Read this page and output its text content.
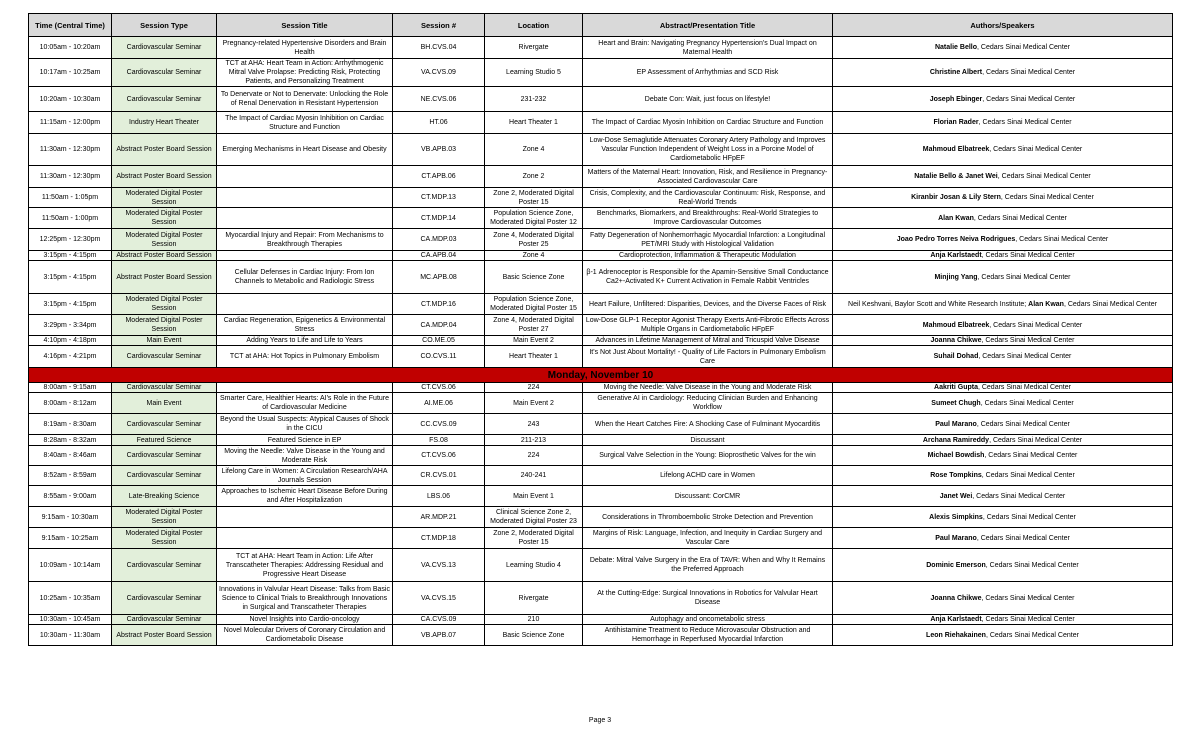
Time (Central Time)	Session Type	Session Title	Session #	Location	Abstract/Presentation Title	Authors/Speakers
10:05am - 10:20am	Cardiovascular Seminar	Pregnancy-related Hypertensive Disorders and Brain Health	BH.CVS.04	Rivergate	Heart and Brain: Navigating Pregnancy Hypertension's Dual Impact on Maternal Health	Natalie Bello, Cedars Sinai Medical Center
10:17am - 10:25am	Cardiovascular Seminar	TCT at AHA: Heart Team in Action: Arrhythmogenic Mitral Valve Prolapse: Predicting Risk, Protecting Patients, and Personalizing Treatment	VA.CVS.09	Learning Studio 5	EP Assessment of Arrhythmias and SCD Risk	Christine Albert, Cedars Sinai Medical Center
10:20am - 10:30am	Cardiovascular Seminar	To Denervate or Not to Denervate: Unlocking the Role of Renal Denervation in Resistant Hypertension	NE.CVS.06	231-232	Debate Con: Wait, just focus on lifestyle!	Joseph Ebinger, Cedars Sinai Medical Center
11:15am - 12:00pm	Industry Heart Theater	The Impact of Cardiac Myosin Inhibition on Cardiac Structure and Function	HT.06	Heart Theater 1	The Impact of Cardiac Myosin Inhibition on Cardiac Structure and Function	Florian Rader, Cedars Sinai Medical Center
11:30am - 12:30pm	Abstract Poster Board Session	Emerging Mechanisms in Heart Disease and Obesity	VB.APB.03	Zone 4	Low-Dose Semaglutide Attenuates Coronary Artery Pathology and Improves Vascular Function Independent of Weight Loss in a Porcine Model of Cardiometabolic HFpEF	Mahmoud Elbatreek, Cedars Sinai Medical Center
11:30am - 12:30pm	Abstract Poster Board Session		CT.APB.06	Zone 2	Matters of the Maternal Heart: Innovation, Risk, and Resilience in Pregnancy-Associated Cardiovascular Care	Natalie Bello & Janet Wei, Cedars Sinai Medical Center
11:50am - 1:05pm	Moderated Digital Poster Session		CT.MDP.13	Zone 2, Moderated Digital Poster 15	Crisis, Complexity, and the Cardiovascular Continuum: Risk, Response, and Real-World Trends	Kiranbir Josan & Lily Stern, Cedars Sinai Medical Center
11:50am - 1:00pm	Moderated Digital Poster Session		CT.MDP.14	Population Science Zone, Moderated Digital Poster 12	Benchmarks, Biomarkers, and Breakthroughs: Real-World Strategies to Improve Cardiovascular Outcomes	Alan Kwan, Cedars Sinai Medical Center
12:25pm - 12:30pm	Moderated Digital Poster Session	Myocardial Injury and Repair: From Mechanisms to Breakthrough Therapies	CA.MDP.03	Zone 4, Moderated Digital Poster 25	Fatty Degeneration of Nonhemorrhagic Myocardial Infarction: a Longitudinal PET/MRI Study with Histological Validation	Joao Pedro Torres Neiva Rodrigues, Cedars Sinai Medical Center
3:15pm - 4:15pm	Abstract Poster Board Session		CA.APB.04	Zone 4	Cardioprotection, Inflammation & Therapeutic Modulation	Anja Karlstaedt, Cedars Sinai Medical Center
3:15pm - 4:15pm	Abstract Poster Board Session	Cellular Defenses in Cardiac Injury: From Ion Channels to Metabolic and Radiologic Stress	MC.APB.08	Basic Science Zone	β-1 Adrenoceptor is Responsible for the Apamin-Sensitive Small Conductance Ca2+-Activated K+ Current Activation in Female Rabbit Ventricles	Minjing Yang, Cedars Sinai Medical Center
3:15pm - 4:15pm	Moderated Digital Poster Session		CT.MDP.16	Population Science Zone, Moderated Digital Poster 15	Heart Failure, Unfiltered: Disparities, Devices, and the Diverse Faces of Risk	Neil Keshvani, Baylor Scott and White Research Institute; Alan Kwan, Cedars Sinai Medical Center
3:29pm - 3:34pm	Moderated Digital Poster Session	Cardiac Regeneration, Epigenetics & Environmental Stress	CA.MDP.04	Zone 4, Moderated Digital Poster 27	Low-Dose GLP-1 Receptor Agonist Therapy Exerts Anti-Fibrotic Effects Across Multiple Organs in Cardiometabolic HFpEF	Mahmoud Elbatreek, Cedars Sinai Medical Center
4:10pm - 4:18pm	Main Event	Adding Years to Life and Life to Years	CO.ME.05	Main Event 2	Advances in Lifetime Management of Mitral and Tricuspid Valve Disease	Joanna Chikwe, Cedars Sinai Medical Center
4:16pm - 4:21pm	Cardiovascular Seminar	TCT at AHA: Hot Topics in Pulmonary Embolism	CO.CVS.11	Heart Theater 1	It's Not Just About Mortality! - Quality of Life Factors in Pulmonary Embolism Care	Suhail Dohad, Cedars Sinai Medical Center
Monday, November 10						
8:00am - 9:15am	Cardiovascular Seminar		CT.CVS.06	224	Moving the Needle: Valve Disease in the Young and Moderate Risk	Aakriti Gupta, Cedars Sinai Medical Center
8:00am - 8:12am	Main Event	Smarter Care, Healthier Hearts: AI's Role in the Future of Cardiovascular Medicine	AI.ME.06	Main Event 2	Generative AI in Cardiology: Reducing Clinician Burden and Enhancing Workflow	Sumeet Chugh, Cedars Sinai Medical Center
8:19am - 8:30am	Cardiovascular Seminar	Beyond the Usual Suspects: Atypical Causes of Shock in the CICU	CC.CVS.09	243	When the Heart Catches Fire: A Shocking Case of Fulminant Myocarditis	Paul Marano, Cedars Sinai Medical Center
8:28am - 8:32am	Featured Science	Featured Science in EP	FS.08	211-213	Discussant	Archana Ramireddy, Cedars Sinai Medical Center
8:40am - 8:46am	Cardiovascular Seminar	Moving the Needle: Valve Disease in the Young and Moderate Risk	CT.CVS.06	224	Surgical Valve Selection in the Young: Bioprosthetic Valves for the win	Michael Bowdish, Cedars Sinai Medical Center
8:52am - 8:59am	Cardiovascular Seminar	Lifelong Care in Women: A Circulation Research/AHA Journals Session	CR.CVS.01	240-241	Lifelong ACHD care in Women	Rose Tompkins, Cedars Sinai Medical Center
8:55am - 9:00am	Late-Breaking Science	Approaches to Ischemic Heart Disease Before During and After Hospitalization	LBS.06	Main Event 1	Discussant: CorCMR	Janet Wei, Cedars Sinai Medical Center
9:15am - 10:30am	Moderated Digital Poster Session		AR.MDP.21	Clinical Science Zone 2, Moderated Digital Poster 23	Considerations in Thromboembolic Stroke Detection and Prevention	Alexis Simpkins, Cedars Sinai Medical Center
9:15am - 10:25am	Moderated Digital Poster Session		CT.MDP.18	Zone 2, Moderated Digital Poster 15	Margins of Risk: Language, Infection, and Inequity in Cardiac Surgery and Vascular Care	Paul Marano, Cedars Sinai Medical Center
10:09am - 10:14am	Cardiovascular Seminar	TCT at AHA: Heart Team in Action: Life After Transcatheter Therapies: Addressing Residual and Progressive Heart Disease	VA.CVS.13	Learning Studio 4	Debate: Mitral Valve Surgery in the Era of TAVR: When and Why It Remains the Preferred Approach	Dominic Emerson, Cedars Sinai Medical Center
10:25am - 10:35am	Cardiovascular Seminar	Innovations in Valvular Heart Disease: Talks from Basic Science to Clinical Trials to Breakthrough Innovations in Surgical and Transcatheter Therapies	VA.CVS.15	Rivergate	At the Cutting-Edge: Surgical Innovations in Robotics for Valvular Heart Disease	Joanna Chikwe, Cedars Sinai Medical Center
10:30am - 10:45am	Cardiovascular Seminar	Novel Insights into Cardio-oncology	CA.CVS.09	210	Autophagy and oncometabolic stress	Anja Karlstaedt, Cedars Sinai Medical Center
10:30am - 11:30am	Abstract Poster Board Session	Novel Molecular Drivers of Coronary Circulation and Cardiometabolic Disease	VB.APB.07	Basic Science Zone	Antihistamine Treatment to Reduce Microvascular Obstruction and Hemorrhage in Reperfused Myocardial Infarction	Leon Riehakainen, Cedars Sinai Medical Center
Page 3
